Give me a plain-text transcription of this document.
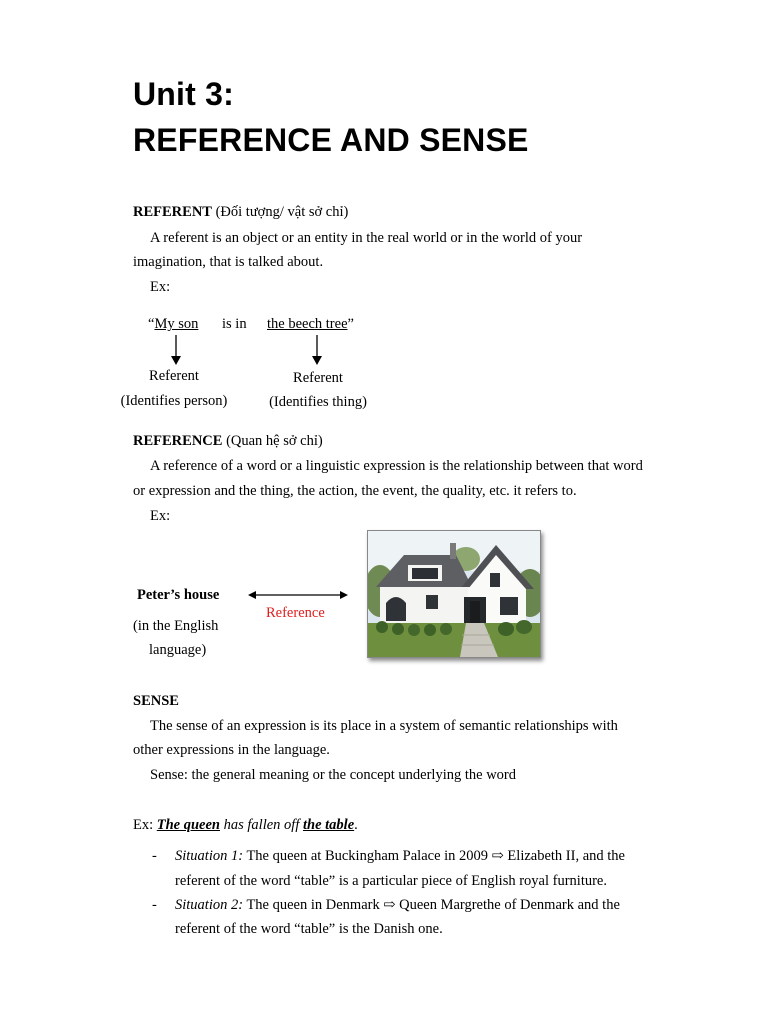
Unit 3:
REFERENCE AND SENSE
REFERENT (Đối tượng/ vật sở chỉ)
A referent is an object or an entity in the real world or in the world of your
imagination, that is talked about.
Ex:
“My son is in the beech tree”
Referent
(Identifies person)
Referent
(Identifies thing)
REFERENCE (Quan hệ sở chỉ)
A reference of a word or a linguistic expression is the relationship between that word
or expression and the thing, the action, the event, the quality, etc. it refers to.
Ex:
Peter’s house
(in the English
language)
Reference
SENSE
The sense of an expression is its place in a system of semantic relationships with
other expressions in the language.
Sense: the general meaning or the concept underlying the word
Ex: The queen has fallen off the table.
- Situation 1: The queen at Buckingham Palace in 2009 ⇨ Elizabeth II, and the
referent of the word “table” is a particular piece of English royal furniture.
- Situation 2: The queen in Denmark ⇨ Queen Margrethe of Denmark and the
referent of the word “table” is the Danish one.
